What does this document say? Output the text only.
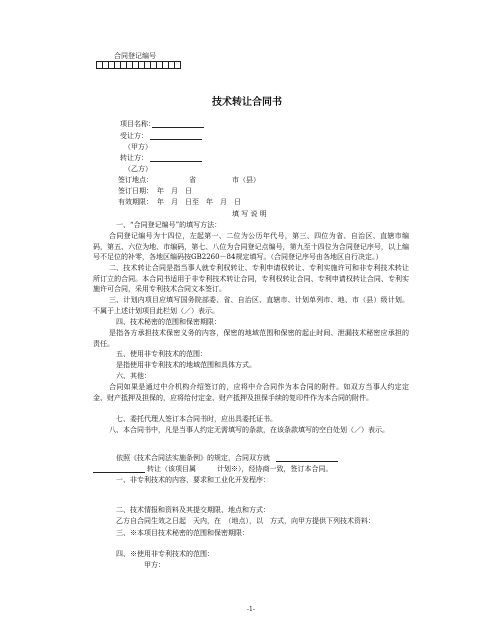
合同登记编号
技术转让合同书
项目名称：
受让方：
（甲方）
转让方：
（乙方）
签订地点：	省	市（县）
签订日期： 年　月　日
有效期限： 年　月　日至　年　月　日
填 写 说 明
一、“合同登记编号”的填写方法：
合同登记编号为十四位，左起第一、二位为公历年代号，第三、四位为省、自治区、直辖市编码，第五、六位为地、市编码，第七、八位为合同登记点编号，第九至十四位为合同登记序号，以上编号不足位的补零，各地区编码按GB2260－84规定填写。（合同登记序号由各地区自行决定。）
二、技术转让合同是指当事人就专利权转让、专利申请权转让、专利实施许可和非专利技术转让所订立的合同。本合同书适用于非专利技术转让合同，专利权转让合同、专利申请权转让合同、专利实施许可合同，采用专利技术合同文本签订。
三、计划内项目应填写国务院部委、省、自治区、直辖市、计划单列市、地、市（县）级计划。不属于上述计划项目此栏划（／）表示。
四、技术秘密的范围和保密期限：
是指各方承担技术保密义务的内容，保密的地域范围和保密的起止时间、泄漏技术秘密应承担的责任。
五、使用非专利技术的范围：
是指使用非专利技术的地域范围和具体方式。
六、其他：
合同如果是通过中介机构介绍签订的，应将中介合同作为本合同的附件。如双方当事人约定定金、财产抵押及担保的，应将给付定金、财产抵押及担保手续的复印件作为本合同的附件。
七、委托代理人签订本合同书时，应出具委托证书。
八、本合同书中，凡是当事人约定无需填写的条款，在该条款填写的空白处划（／）表示。
依照《技术合同法实施条例》的规定，合同双方就
转让（该项目属　　　计划※），经协商一致，签订本合同。
一、非专利技术的内容、要求和工业化开发程序：
二、技术情报和资料及其提交期限、地点和方式：
乙方自合同生效之日起　天内，在　（地点），以　方式，向甲方提供下列技术资料：
三、※本项目技术秘密的范围和保密期限：
四、※使用非专利技术的范围：
甲方：
-1-
